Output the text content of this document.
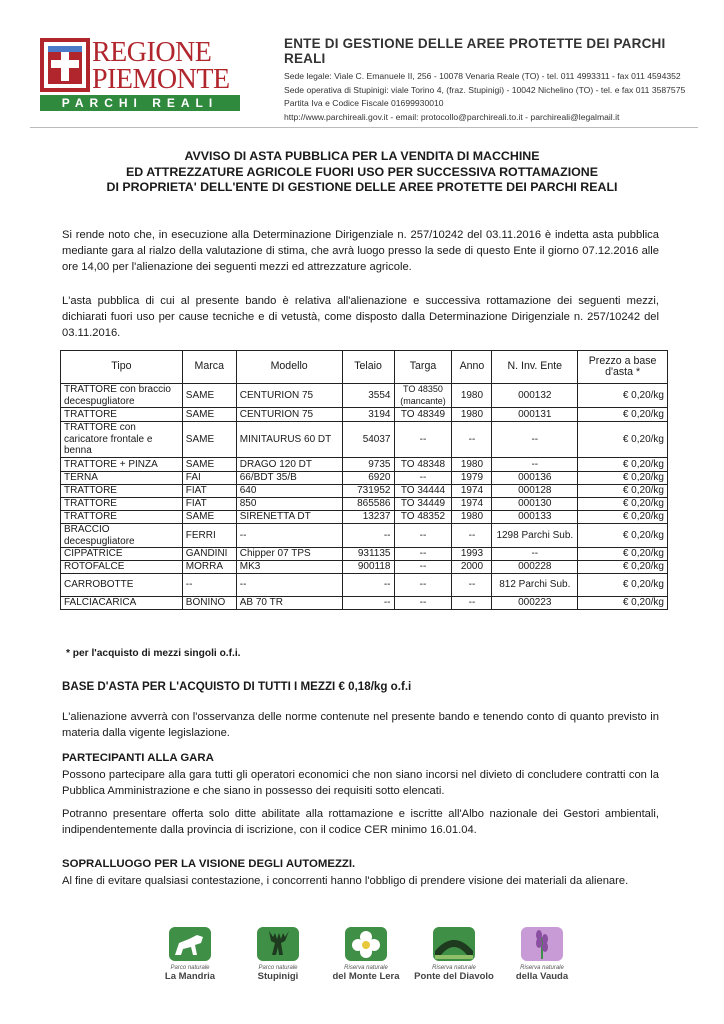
REGIONE
PIEMONTE
PARCHI REALI
ENTE DI GESTIONE DELLE AREE PROTETTE DEI PARCHI REALI
Sede legale: Viale C. Emanuele II, 256 - 10078 Venaria Reale (TO) - tel. 011 4993311 - fax 011 4594352
Sede operativa di Stupinigi: viale Torino 4, (fraz. Stupinigi) - 10042 Nichelino (TO) - tel. e fax 011 3587575
Partita Iva e Codice Fiscale 01699930010
http://www.parchireali.gov.it - email: protocollo@parchireali.to.it - parchireali@legalmail.it
AVVISO DI ASTA PUBBLICA PER LA VENDITA DI MACCHINE
ED ATTREZZATURE AGRICOLE FUORI USO PER SUCCESSIVA ROTTAMAZIONE
DI PROPRIETA' DELL'ENTE DI GESTIONE DELLE AREE PROTETTE DEI PARCHI REALI
Si rende noto che, in esecuzione alla Determinazione Dirigenziale n. 257/10242 del 03.11.2016 è indetta asta pubblica mediante gara al rialzo della valutazione di stima, che avrà luogo presso la sede di questo Ente il giorno 07.12.2016 alle ore 14,00 per l'alienazione dei seguenti mezzi ed attrezzature agricole.
L'asta pubblica di cui al presente bando è relativa all'alienazione e successiva rottamazione dei seguenti mezzi, dichiarati fuori uso per cause tecniche e di vetustà, come disposto dalla Determinazione Dirigenziale n. 257/10242 del 03.11.2016.
Tipo	Marca	Modello	Telaio	Targa	Anno	N. Inv. Ente	Prezzo a base d'asta *
TRATTORE con braccio decespugliatore	SAME	CENTURION 75	3554	TO 48350 (mancante)	1980	000132	€ 0,20/kg
TRATTORE	SAME	CENTURION 75	3194	TO 48349	1980	000131	€ 0,20/kg
TRATTORE con caricatore frontale e benna	SAME	MINITAURUS 60 DT	54037	--	--	--	€ 0,20/kg
TRATTORE + PINZA	SAME	DRAGO 120 DT	9735	TO 48348	1980	--	€ 0,20/kg
TERNA	FAI	66/BDT 35/B	6920	--	1979	000136	€ 0,20/kg
TRATTORE	FIAT	640	731952	TO 34444	1974	000128	€ 0,20/kg
TRATTORE	FIAT	850	865586	TO 34449	1974	000130	€ 0,20/kg
TRATTORE	SAME	SIRENETTA DT	13237	TO 48352	1980	000133	€ 0,20/kg
BRACCIO decespugliatore	FERRI	--	--	--	--	1298 Parchi Sub.	€ 0,20/kg
CIPPATRICE	GANDINI	Chipper 07 TPS	931135	--	1993	--	€ 0,20/kg
ROTOFALCE	MORRA	MK3	900118	--	2000	000228	€ 0,20/kg
CARROBOTTE	--	--	--	--	--	812 Parchi Sub.	€ 0,20/kg
FALCIACARICA	BONINO	AB 70 TR	--	--	--	000223	€ 0,20/kg
* per l'acquisto di mezzi singoli o.f.i.
BASE D'ASTA PER L'ACQUISTO DI TUTTI I MEZZI € 0,18/kg o.f.i
L'alienazione avverrà con l'osservanza delle norme contenute nel presente bando e tenendo conto di quanto previsto in materia dalla vigente legislazione.
PARTECIPANTI ALLA GARA
Possono partecipare alla gara tutti gli operatori economici che non siano incorsi nel divieto di concludere contratti con la Pubblica Amministrazione e che siano in possesso dei requisiti sotto elencati.
Potranno presentare offerta solo ditte abilitate alla rottamazione e iscritte all'Albo nazionale dei Gestori ambientali, indipendentemente dalla provincia di iscrizione, con il codice CER minimo 16.01.04.
SOPRALLUOGO PER LA VISIONE DEGLI AUTOMEZZI.
Al fine di evitare qualsiasi contestazione, i concorrenti hanno l'obbligo di prendere visione dei materiali da alienare.
Parco naturale
La Mandria
Parco naturale
Stupinigi
Riserva naturale
del Monte Lera
Riserva naturale
Ponte del Diavolo
Riserva naturale
della Vauda
